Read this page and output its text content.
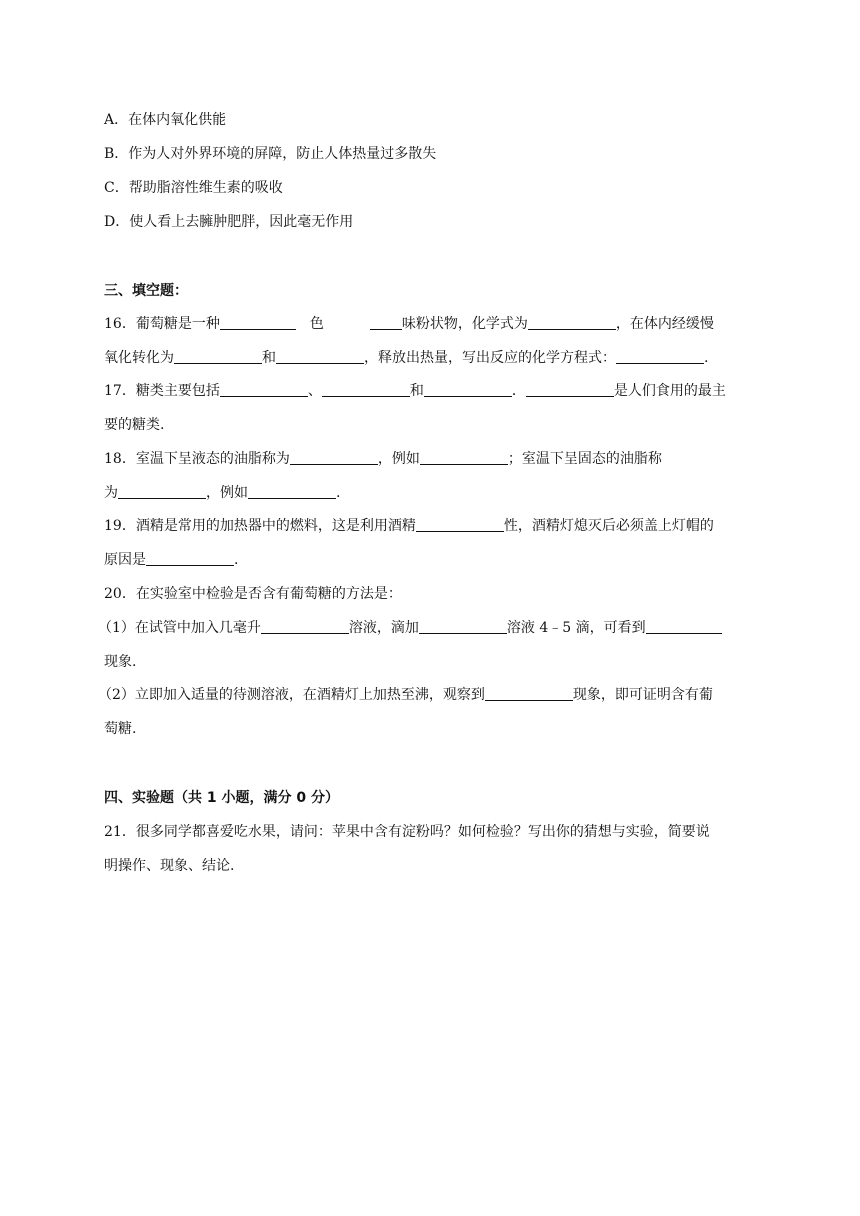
A．在体内氧化供能
B．作为人对外界环境的屏障，防止人体热量过多散失
C．帮助脂溶性维生素的吸收
D．使人看上去臃肿肥胖，因此毫无作用
三、填空题：
16．葡萄糖是一种	色	味粉状物，化学式为	，在体内经缓慢
氧化转化为	和	，释放出热量，写出反应的化学方程式：	.
17．糖类主要包括	、	和	．	是人们食用的最主
要的糖类.
18．室温下呈液态的油脂称为	，例如	；室温下呈固态的油脂称
为	，例如	.
19．酒精是常用的加热器中的燃料，这是利用酒精	性，酒精灯熄灭后必须盖上灯帽的
原因是	.
20．在实验室中检验是否含有葡萄糖的方法是：
（1）在试管中加入几毫升	溶液，滴加	溶液 4﹣5 滴，可看到
现象.
（2）立即加入适量的待测溶液，在酒精灯上加热至沸，观察到	现象，即可证明含有葡
萄糖.
四、实验题（共 1 小题，满分 0 分）
21．很多同学都喜爱吃水果，请问：苹果中含有淀粉吗？如何检验？写出你的猜想与实验，简要说
明操作、现象、结论.
